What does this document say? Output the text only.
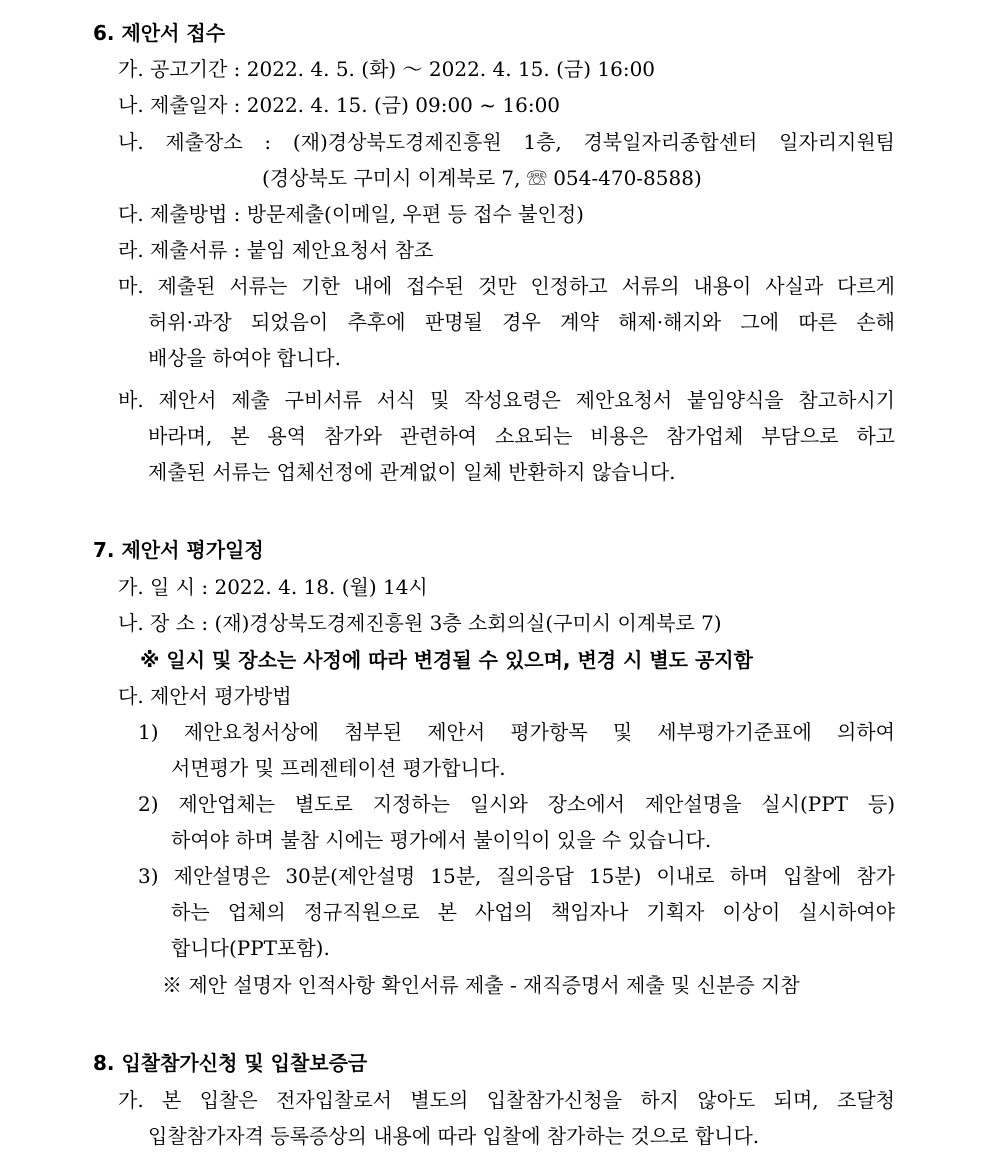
6. 제안서 접수
가. 공고기간 : 2022. 4. 5. (화) ～ 2022. 4. 15. (금) 16:00
나. 제출일자 : 2022. 4. 15. (금) 09:00 ~ 16:00
나. 제출장소 : (재)경상북도경제진흥원 1층, 경북일자리종합센터 일자리지원팀
(경상북도 구미시 이계북로 7, ☏ 054-470-8588)
다. 제출방법 : 방문제출(이메일, 우편 등 접수 불인정)
라. 제출서류 : 붙임 제안요청서 참조
마. 제출된 서류는 기한 내에 접수된 것만 인정하고 서류의 내용이 사실과 다르게
허위·과장 되었음이 추후에 판명될 경우 계약 해제·해지와 그에 따른 손해
배상을 하여야 합니다.
바. 제안서 제출 구비서류 서식 및 작성요령은 제안요청서 붙임양식을 참고하시기
바라며, 본 용역 참가와 관련하여 소요되는 비용은 참가업체 부담으로 하고
제출된 서류는 업체선정에 관계없이 일체 반환하지 않습니다.
7. 제안서 평가일정
가. 일 시 : 2022. 4. 18. (월) 14시
나. 장 소 : (재)경상북도경제진흥원 3층 소회의실(구미시 이계북로 7)
※ 일시 및 장소는 사정에 따라 변경될 수 있으며, 변경 시 별도 공지함
다. 제안서 평가방법
1) 제안요청서상에 첨부된 제안서 평가항목 및 세부평가기준표에 의하여
서면평가 및 프레젠테이션 평가합니다.
2) 제안업체는 별도로 지정하는 일시와 장소에서 제안설명을 실시(PPT 등)
하여야 하며 불참 시에는 평가에서 불이익이 있을 수 있습니다.
3) 제안설명은 30분(제안설명 15분, 질의응답 15분) 이내로 하며 입찰에 참가
하는 업체의 정규직원으로 본 사업의 책임자나 기획자 이상이 실시하여야
합니다(PPT포함).
※ 제안 설명자 인적사항 확인서류 제출 - 재직증명서 제출 및 신분증 지참
8. 입찰참가신청 및 입찰보증금
가. 본 입찰은 전자입찰로서 별도의 입찰참가신청을 하지 않아도 되며, 조달청
입찰참가자격 등록증상의 내용에 따라 입찰에 참가하는 것으로 합니다.
